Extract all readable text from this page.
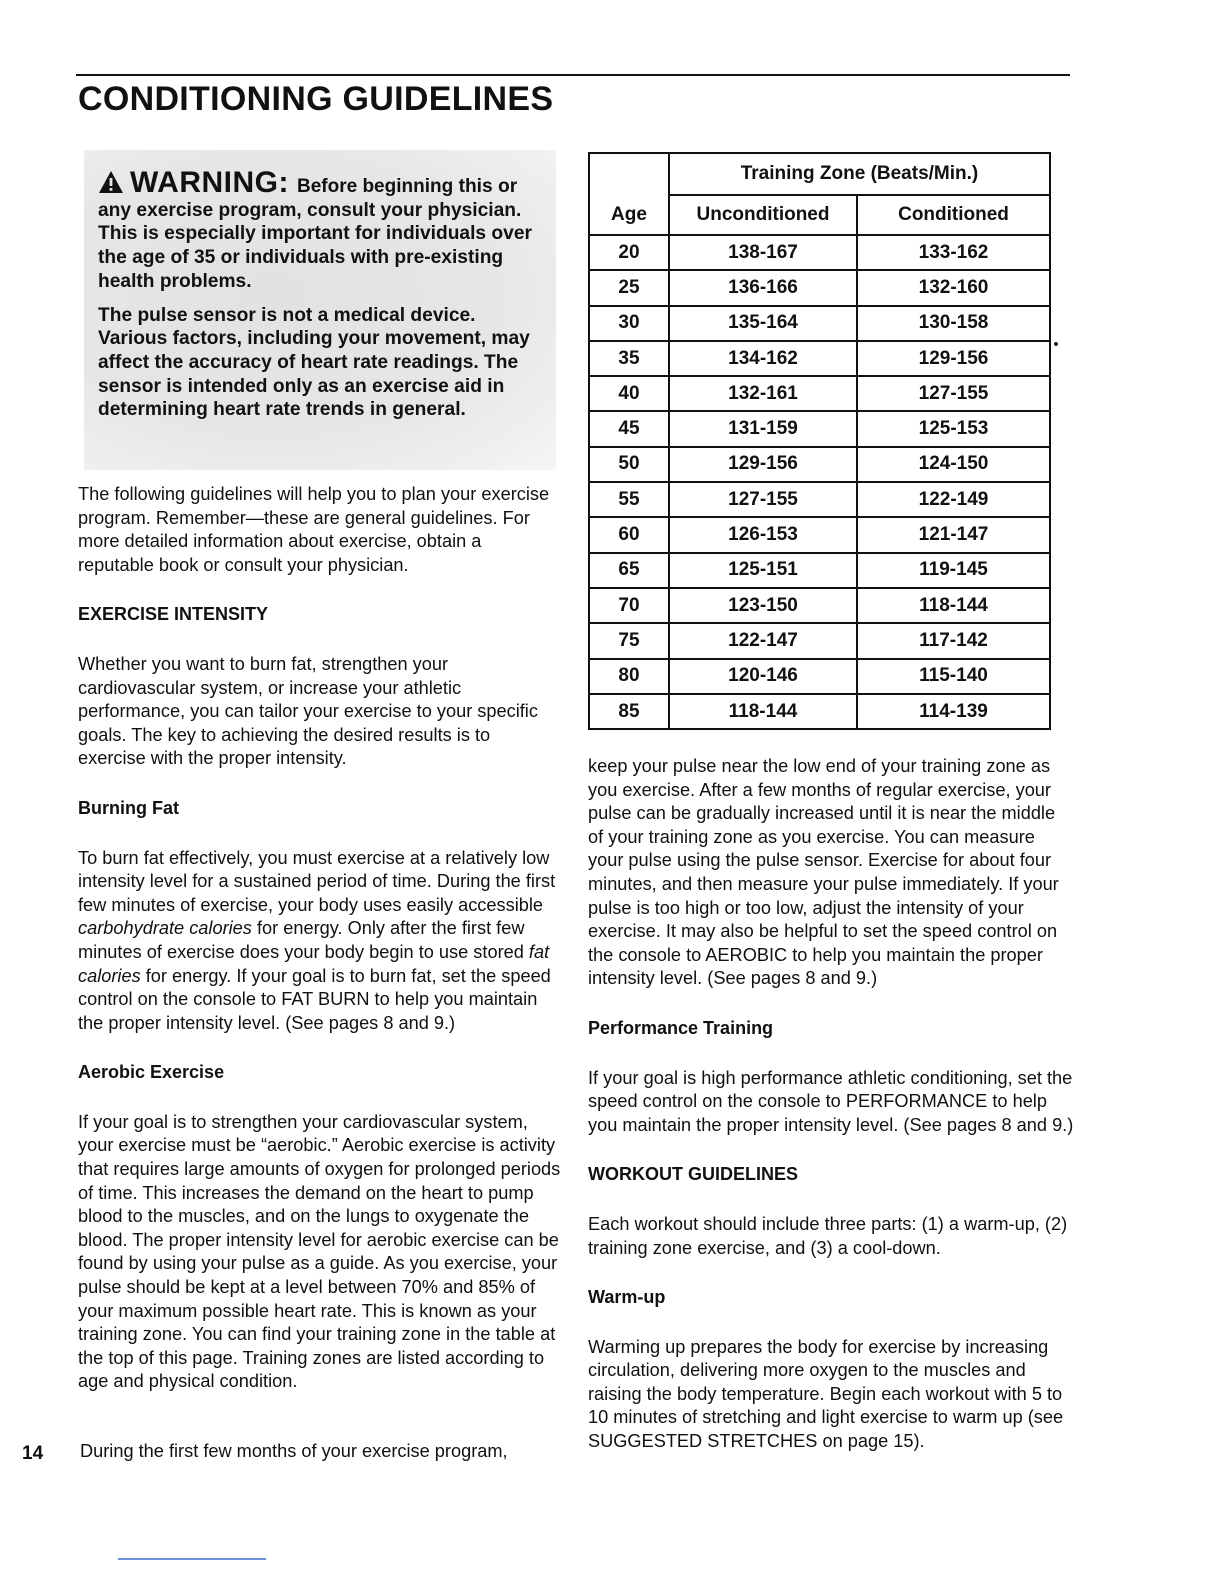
CONDITIONING GUIDELINES

WARNING: Before beginning this or any exercise program, consult your physician. This is especially important for individuals over the age of 35 or individuals with pre-existing health problems.

The pulse sensor is not a medical device. Various factors, including your movement, may affect the accuracy of heart rate readings. The sensor is intended only as an exercise aid in determining heart rate trends in general.

The following guidelines will help you to plan your exercise program. Remember—these are general guidelines. For more detailed information about exercise, obtain a reputable book or consult your physician.

EXERCISE INTENSITY

Whether you want to burn fat, strengthen your cardiovascular system, or increase your athletic performance, you can tailor your exercise to your specific goals. The key to achieving the desired results is to exercise with the proper intensity.

Burning Fat

To burn fat effectively, you must exercise at a relatively low intensity level for a sustained period of time. During the first few minutes of exercise, your body uses easily accessible carbohydrate calories for energy. Only after the first few minutes of exercise does your body begin to use stored fat calories for energy. If your goal is to burn fat, set the speed control on the console to FAT BURN to help you maintain the proper intensity level. (See pages 8 and 9.)

Aerobic Exercise

If your goal is to strengthen your cardiovascular system, your exercise must be “aerobic.” Aerobic exercise is activity that requires large amounts of oxygen for prolonged periods of time. This increases the demand on the heart to pump blood to the muscles, and on the lungs to oxygenate the blood. The proper intensity level for aerobic exercise can be found by using your pulse as a guide. As you exercise, your pulse should be kept at a level between 70% and 85% of your maximum possible heart rate. This is known as your training zone. You can find your training zone in the table at the top of this page. Training zones are listed according to age and physical condition.

14 During the first few months of your exercise program,
Age	Training Zone (Beats/Min.)	
	Unconditioned	Conditioned
20	138-167	133-162
25	136-166	132-160
30	135-164	130-158
35	134-162	129-156
40	132-161	127-155
45	131-159	125-153
50	129-156	124-150
55	127-155	122-149
60	126-153	121-147
65	125-151	119-145
70	123-150	118-144
75	122-147	117-142
80	120-146	115-140
85	118-144	114-139

keep your pulse near the low end of your training zone as you exercise. After a few months of regular exercise, your pulse can be gradually increased until it is near the middle of your training zone as you exercise. You can measure your pulse using the pulse sensor. Exercise for about four minutes, and then measure your pulse immediately. If your pulse is too high or too low, adjust the intensity of your exercise. It may also be helpful to set the speed control on the console to AEROBIC to help you maintain the proper intensity level. (See pages 8 and 9.)

Performance Training

If your goal is high performance athletic conditioning, set the speed control on the console to PERFORMANCE to help you maintain the proper intensity level. (See pages 8 and 9.)

WORKOUT GUIDELINES

Each workout should include three parts: (1) a warm-up, (2) training zone exercise, and (3) a cool-down.

Warm-up

Warming up prepares the body for exercise by increasing circulation, delivering more oxygen to the muscles and raising the body temperature. Begin each workout with 5 to 10 minutes of stretching and light exercise to warm up (see SUGGESTED STRETCHES on page 15).
